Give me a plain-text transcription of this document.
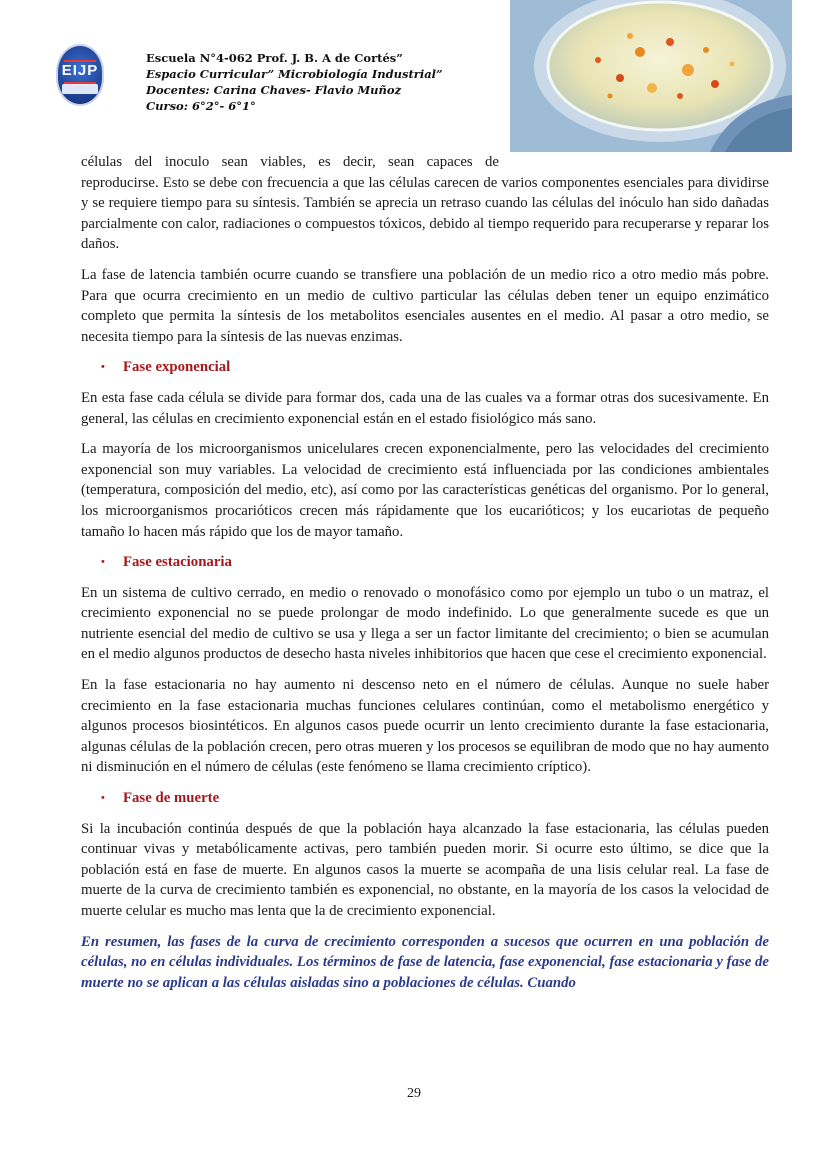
EIJP
Escuela N°4-062 Prof. J. B. A de Cortés”
Espacio Curricular” Microbiología Industrial”
Docentes: Carina Chaves- Flavio Muñoz
Curso: 6°2°- 6°1°

células del inoculo sean viables, es decir, sean capaces de
reproducirse. Esto se debe con frecuencia a que las células carecen de varios componentes esenciales para dividirse y se requiere tiempo para su síntesis. También se aprecia un retraso cuando las células del inóculo han sido dañadas parcialmente con calor, radiaciones o compuestos tóxicos, debido al tiempo requerido para recuperarse y reparar los daños.

La fase de latencia también ocurre cuando se transfiere una población de un medio rico a otro medio más pobre. Para que ocurra crecimiento en un medio de cultivo particular las células deben tener un equipo enzimático completo que permita la síntesis de los metabolitos esenciales ausentes en el medio. Al pasar a otro medio, se necesita tiempo para la síntesis de las nuevas enzimas.

•	Fase exponencial

En esta fase cada célula se divide para formar dos, cada una de las cuales va a formar otras dos sucesivamente. En general, las células en crecimiento exponencial están en el estado fisiológico más sano.

La mayoría de los microorganismos unicelulares crecen exponencialmente, pero las velocidades del crecimiento exponencial son muy variables. La velocidad de crecimiento está influenciada por las condiciones ambientales (temperatura, composición del medio, etc), así como por las características genéticas del organismo. Por lo general, los microorganismos procarióticos crecen más rápidamente que los eucarióticos; y los eucariotas de pequeño tamaño lo hacen más rápido que los de mayor tamaño.

•	Fase estacionaria

En un sistema de cultivo cerrado, en medio o renovado o monofásico como por ejemplo un tubo o un matraz, el crecimiento exponencial no se puede prolongar de modo indefinido. Lo que generalmente sucede es que un nutriente esencial del medio de cultivo se usa y llega a ser un factor limitante del crecimiento; o bien se acumulan en el medio algunos productos de desecho hasta niveles inhibitorios que hacen que cese el crecimiento exponencial.

En la fase estacionaria no hay aumento ni descenso neto en el número de células. Aunque no suele haber crecimiento en la fase estacionaria muchas funciones celulares continúan, como el metabolismo energético y algunos procesos biosintéticos. En algunos casos puede ocurrir un lento crecimiento durante la fase estacionaria, algunas células de la población crecen, pero otras mueren y los procesos se equilibran de modo que no hay aumento ni disminución en el número de células (este fenómeno se llama crecimiento críptico).

•	Fase de muerte

Si la incubación continúa después de que la población haya alcanzado la fase estacionaria, las células pueden continuar vivas y metabólicamente activas, pero también pueden morir. Si ocurre esto último, se dice que la población está en fase de muerte. En algunos casos la muerte se acompaña de una lisis celular real. La fase de muerte de la curva de crecimiento también es exponencial, no obstante, en la mayoría de los casos la velocidad de muerte celular es mucho mas lenta que la de crecimiento exponencial.

En resumen, las fases de la curva de crecimiento corresponden a sucesos que ocurren en una población de células, no en células individuales. Los términos de fase de latencia, fase exponencial, fase estacionaria y fase de muerte no se aplican a las células aisladas sino a poblaciones de células. Cuando

29
